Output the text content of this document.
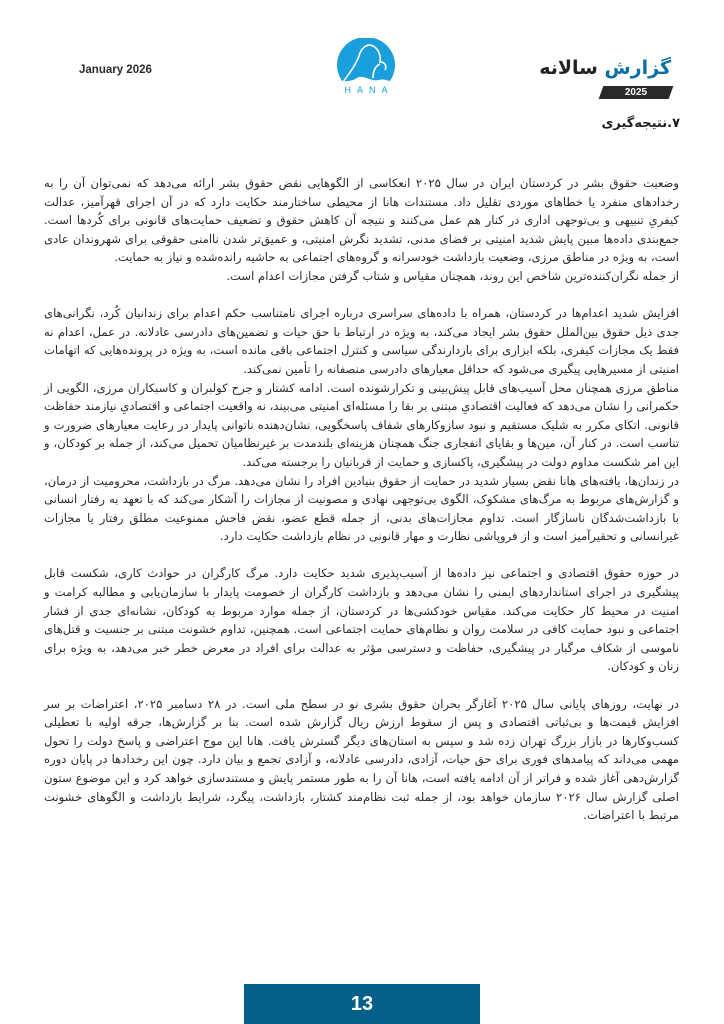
January 2026
HANA
گزارش سالانه
2025
۷.نتیجه‌گیری

وضعیت حقوق بشر در کردستان ایران در سال ۲۰۲۵ انعکاسی از الگوهایی نقض حقوق بشر ارائه می‌دهد که نمی‌توان آن را به رخدادهای منفرد یا خطاهای موردی تقلیل داد. مستندات هانا از محیطی ساختارمند حکایت دارد که در آن اجرای قهرآمیز، عدالت کیفریِ تنبیهی و بی‌توجهی اداری در کنار هم عمل می‌کنند و نتیجه آن کاهش حقوق و تضعیف حمایت‌های قانونی برای کُردها است. جمع‌بندی داده‌ها مبین پایش شدید امنیتی بر فضای مدنی، تشدید نگرش امنیتی، و عمیق‌تر شدن ناامنی حقوقی برای شهروندان عادی است، به ویژه در مناطق مرزی، وضعیت بازداشت خودسرانه و گروه‌های اجتماعی به حاشیه رانده‌شده و نیاز به حمایت.

از جمله نگران‌کننده‌ترین شاخص این روند، همچنان مقیاس و شتاب گرفتن مجازات اعدام است.

افزایش شدید اعدام‌ها در کردستان، همراه با داده‌های سراسری درباره اجرای نامتناسب حکم اعدام برای زندانیان کُرد، نگرانی‌های جدی ذیل حقوق بین‌الملل حقوق بشر ایجاد می‌کند، به ویژه در ارتباط با حق حیات و تضمین‌های دادرسی عادلانه. در عمل، اعدام نه فقط یک مجازات کیفری، بلکه ابزاری برای بازدارندگی سیاسی و کنترل اجتماعی باقی مانده است، به ویژه در پرونده‌هایی که اتهامات امنیتی از مسیرهایی پیگیری می‌شود که حداقل معیارهای دادرسی منصفانه را تأمین نمی‌کند.

مناطق مرزی همچنان محل آسیب‌های قابل پیش‌بینی و تکرارشونده است. ادامه کشتار و جرح کولبران و کاسبکاران مرزی، الگویی از حکمرانی را نشان می‌دهد که فعالیت اقتصادیِ مبتنی بر بقا را مسئله‌ای امنیتی می‌بیند، نه واقعیت اجتماعی و اقتصادیِ نیازمند حفاظت قانونی. اتکای مکرر به شلیک مستقیم و نبود سازوکارهای شفاف پاسخگویی، نشان‌دهنده ناتوانی پایدار در رعایت معیارهای ضرورت و تناسب است. در کنار آن، مین‌ها و بقایای انفجاری جنگ همچنان هزینه‌ای بلندمدت بر غیرنظامیان تحمیل می‌کند، از جمله بر کودکان، و این امر شکست مداوم دولت در پیشگیری، پاکسازی و حمایت از قربانیان را برجسته می‌کند.

در زندان‌ها، یافته‌های هانا نقض بسیار شدید در حمایت از حقوق بنیادین افراد را نشان می‌دهد. مرگ در بازداشت، محرومیت از درمان، و گزارش‌های مربوط به مرگ‌های مشکوک، الگوی بی‌توجهی نهادی و مصونیت از مجازات را آشکار می‌کند که با تعهد به رفتار انسانی با بازداشت‌شدگان ناسازگار است. تداوم مجازات‌های بدنی، از جمله قطع عضو، نقض فاحش ممنوعیت مطلق رفتار یا مجازات غیرانسانی و تحقیرآمیز است و از فروپاشی نظارت و مهار قانونی در نظام بازداشت حکایت دارد.

در حوزه حقوق اقتصادی و اجتماعی نیز داده‌ها از آسیب‌پذیری شدید حکایت دارد. مرگ کارگران در حوادث کاری، شکست قابل پیشگیری در اجرای استانداردهای ایمنی را نشان می‌دهد و بازداشت کارگران از خصومت پایدار با سازمان‌یابی و مطالبه کرامت و امنیت در محیط کار حکایت می‌کند. مقیاس خودکشی‌ها در کردستان، از جمله موارد مربوط به کودکان، نشانه‌ای جدی از فشار اجتماعی و نبود حمایت کافی در سلامت روان و نظام‌های حمایت اجتماعی است. همچنین، تداوم خشونت مبتنی بر جنسیت و قتل‌های ناموسی از شکاف مرگبار در پیشگیری، حفاظت و دسترسی مؤثر به عدالت برای افراد در معرض خطر خبر می‌دهد، به ویژه برای زنان و کودکان.

در نهایت، روزهای پایانی سال ۲۰۲۵ آغازگر بحران حقوق بشری نو در سطح ملی است. در ۲۸ دسامبر ۲۰۲۵، اعتراضات بر سر افزایش قیمت‌ها و بی‌ثباتی اقتصادی و پس از سقوط ارزش ریال گزارش شده است. بنا بر گزارش‌ها، جرقه اولیه با تعطیلی کسب‌وکارها در بازار بزرگ تهران زده شد و سپس به استان‌های دیگر گسترش یافت. هانا این موج اعتراضی و پاسخ دولت را تحول مهمی می‌داند که پیامدهای فوری برای حق حیات، آزادی، دادرسی عادلانه، و آزادی تجمع و بیان دارد. چون این رخدادها در پایان دوره گزارش‌دهی آغاز شده و فراتر از آن ادامه یافته است، هانا آن را به طور مستمر پایش و مستندسازی خواهد کرد و این موضوع ستون اصلی گزارش سال ۲۰۲۶ سازمان خواهد بود، از جمله ثبت نظام‌مند کشتار، بازداشت، پیگرد، شرایط بازداشت و الگوهای خشونت مرتبط با اعتراضات.

13
